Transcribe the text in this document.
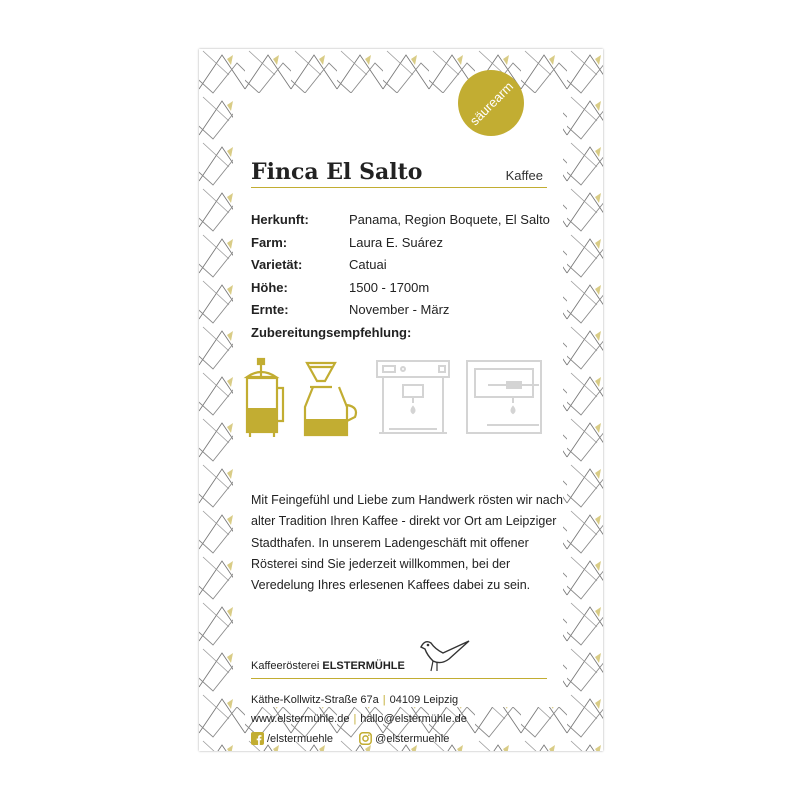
Finca El Salto	Kaffee
Herkunft:	Panama, Region Boquete, El Salto
Farm:	Laura E. Suárez
Varietät:	Catuai
Höhe:	1500 - 1700m
Ernte:	November - März
Zubereitungsempfehlung:
Mit Feingefühl und Liebe zum Handwerk rösten wir nach alter Tradition Ihren Kaffee - direkt vor Ort am Leipziger Stadthafen. In unserem Ladengeschäft mit offener Rösterei sind Sie jederzeit willkommen, bei der Veredelung Ihres erlesenen Kaffees dabei zu sein.
Kaffeerösterei ELSTERMÜHLE
Käthe-Kollwitz-Straße 67a | 04109 Leipzig
www.elstermühle.de | hallo@elstermühle.de
/elstermuehle
	@elstermuehle
säurearm
